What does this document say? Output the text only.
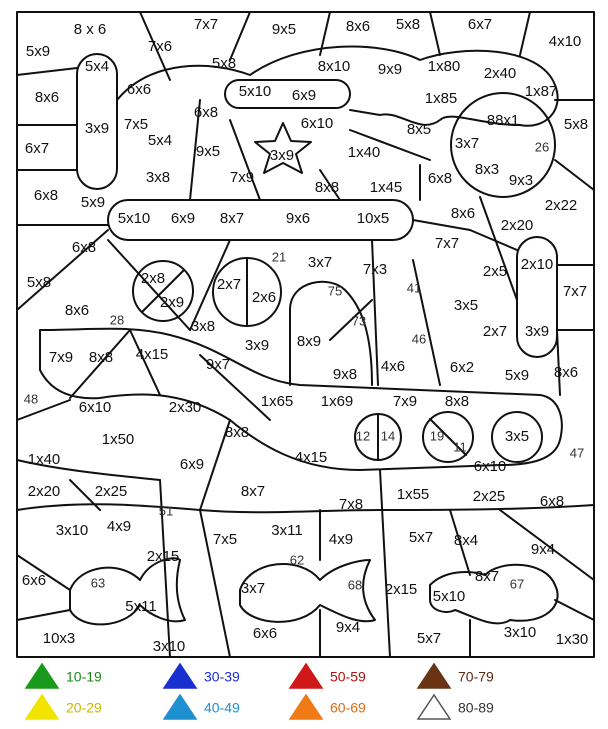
8 x 6	7x7	9x5	8x6 5x8	6x7
4x10
5x9	7x6
5x4	5x8	8x10 9x9 1x80 2x40
1x87
8x6	6x6	5x10 6x9	1x85
6x8
6x10	88x1	5x8
3x9 7x5
5x4
8x5
6x7	9x5	3x9	1x40
3x7	26
8x3
3x8	7x9	6x8	9x3
6x8	8x8 1x45
5x9	2x22
5x10 6x9 8x7	9x6	10x5	8x6
2x20
6x8	7x7
21 3x7 7x3	2x10
2x8	2x7
2x5
5x8
2x6	75	41	7x7
2x9
8x6	3x5
28	73
3x8	2x7 3x9
8x9
3x9	46
7x9 8x8 4x15
9x7	4x6	6x2
9x8	5x9 8x6
48	1x65 1x69	7x9 8x8
6x10	2x30
12 14	19	3x5
8x8
1x50	11	47
1x40	6x9	4x15
6x10
2x20 2x25	8x7
7x8
1x55	2x25 6x8
51
3x10 4x9	3x11
7x5	4x9	5x7 8x4
9x4
2x15	62
8x7
6x6	63	3x7	68 2x15	67
5x10
5x11
6x6	9x4	3x10
10x3	3x10	5x7	1x30
10-19
20-29
30-39
40-49
50-59
60-69
70-79
80-89
